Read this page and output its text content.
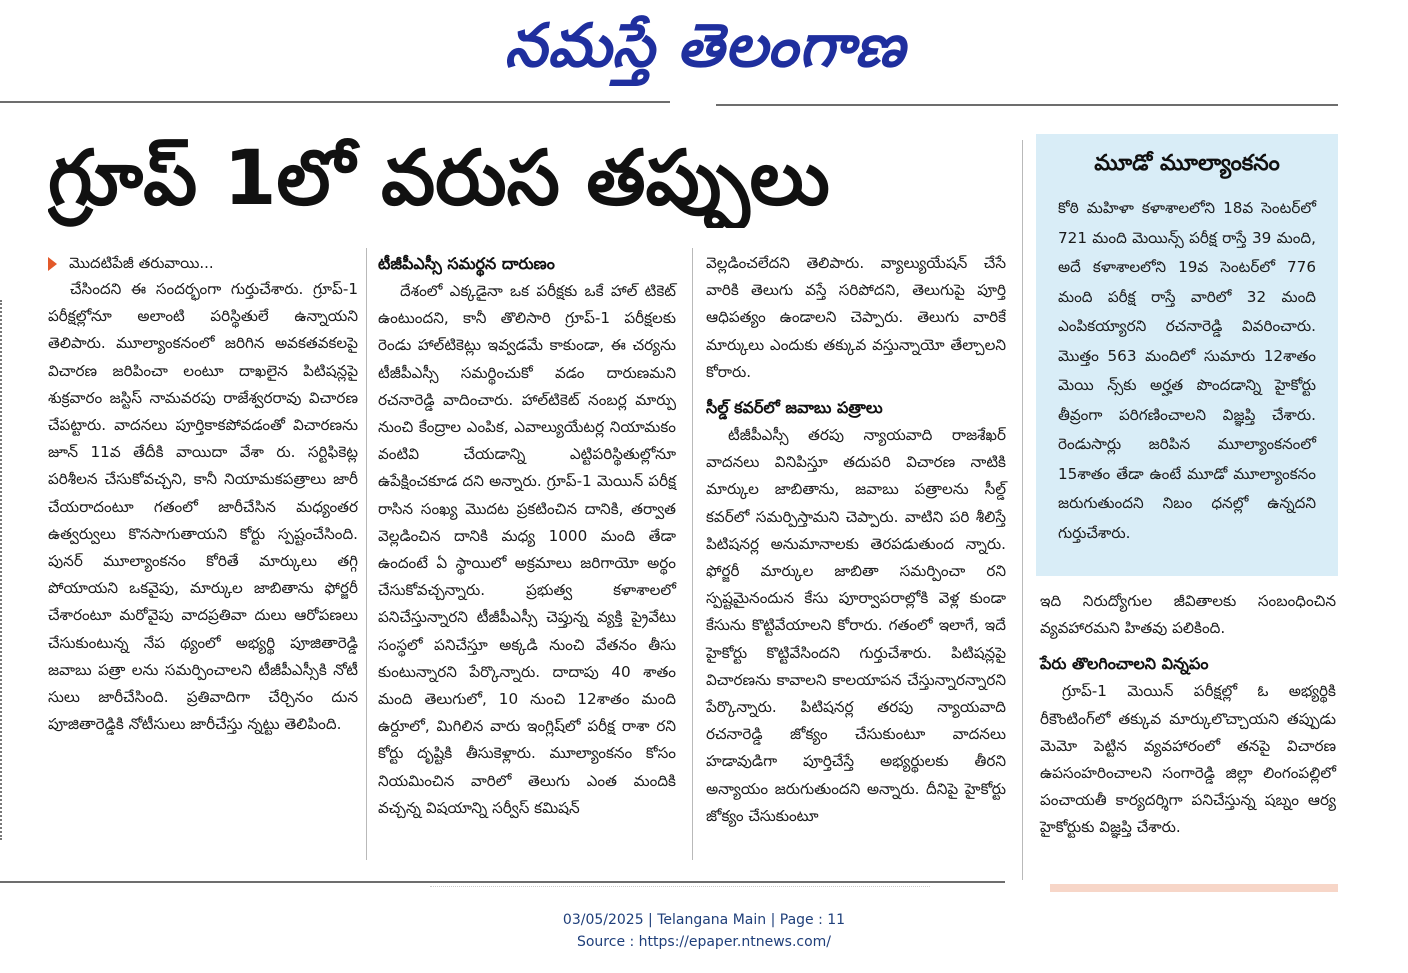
నమస్తే తెలంగాణ
గ్రూప్ 1లో వరుస తప్పులు

మొదటిపేజీ తరువాయి...

చేసిందని ఈ సందర్భంగా గుర్తుచేశారు. గ్రూప్-1 పరీక్షల్లోనూ అలాంటి పరిస్థితులే ఉన్నాయని తెలిపారు. మూల్యాంకనంలో జరిగిన అవకతవకలపై విచారణ జరిపించా లంటూ దాఖలైన పిటిషన్లపై శుక్రవారం జస్టిస్ నామవరపు రాజేశ్వరరావు విచారణ చేపట్టారు. వాదనలు పూర్తికాకపోవడంతో విచారణను జూన్ 11వ తేదీకి వాయిదా వేశా రు. సర్టిఫికెట్ల పరిశీలన చేసుకోవచ్చని, కానీ నియామకపత్రాలు జారీ చేయరాదంటూ గతంలో జారీచేసిన మధ్యంతర ఉత్వర్వులు కొనసాగుతాయని కోర్టు స్పష్టంచేసింది. పునర్ మూల్యాంకనం కోరితే మార్కులు తగ్గి పోయాయని ఒకవైపు, మార్కుల జాబితాను ఫోర్జరీ చేశారంటూ మరోవైపు వాదప్రతివా దులు ఆరోపణలు చేసుకుంటున్న నేప థ్యంలో అభ్యర్థి పూజితారెడ్డి జవాబు పత్రా లను సమర్పించాలని టీజీపీఎస్సీకి నోటీ సులు జారీచేసింది. ప్రతివాదిగా చేర్చినం దున పూజితారెడ్డికి నోటీసులు జారీచేస్తు న్నట్టు తెలిపింది.

టీజీపీఎస్సీ సమర్థన దారుణం

దేశంలో ఎక్కడైనా ఒక పరీక్షకు ఒకే హాల్ టికెట్ ఉంటుందని, కానీ తొలిసారి గ్రూప్-1 పరీక్షలకు రెండు హాల్‌టికెట్లు ఇవ్వడమే కాకుండా, ఈ చర్యను టీజీపీఎస్సీ సమర్థించుకో వడం దారుణమని రచనారెడ్డి వాదించారు. హాల్‌టికెట్ నంబర్ల మార్పు నుంచి కేంద్రాల ఎంపిక, ఎవాల్యుయేటర్ల నియామకం వంటివి చేయడాన్ని ఎట్టిపరిస్థితుల్లోనూ ఉపేక్షించకూడ దని అన్నారు. గ్రూప్-1 మెయిన్ పరీక్ష రాసిన సంఖ్య మొదట ప్రకటించిన దానికి, తర్వాత వెల్లడించిన దానికి మధ్య 1000 మంది తేడా ఉందంటే ఏ స్థాయిలో అక్రమాలు జరిగాయో అర్థం చేసుకోవచ్చన్నారు. ప్రభుత్వ కళాశాలలో పనిచేస్తున్నారని టీజీపీఎస్సీ చెప్తున్న వ్యక్తి ప్రైవేటు సంస్థలో పనిచేస్తూ అక్కడి నుంచి వేతనం తీసు కుంటున్నారని పేర్కొన్నారు. దాదాపు 40 శాతం మంది తెలుగులో, 10 నుంచి 12శాతం మంది ఉర్దూలో, మిగిలిన వారు ఇంగ్లిష్‌లో పరీక్ష రాశా రని కోర్టు దృష్టికి తీసుకెళ్లారు. మూల్యాంకనం కోసం నియమించిన వారిలో తెలుగు ఎంత మందికి వచ్చన్న విషయాన్ని సర్వీస్ కమిషన్

వెల్లడించలేదని తెలిపారు. వ్యాల్యుయేషన్ చేసే వారికి తెలుగు వస్తే సరిపోదని, తెలుగుపై పూర్తి ఆధిపత్యం ఉండాలని చెప్పారు. తెలుగు వారికే మార్కులు ఎందుకు తక్కువ వస్తున్నాయో తేల్చాలని కోరారు.

సీల్డ్ కవర్‌లో జవాబు పత్రాలు

టీజీపీఎస్సీ తరపు న్యాయవాది రాజశేఖర్ వాదనలు వినిపిస్తూ తదుపరి విచారణ నాటికి మార్కుల జాబితాను, జవాబు పత్రాలను సీల్డ్ కవర్‌లో సమర్పిస్తామని చెప్పారు. వాటిని పరి శీలిస్తే పిటిషనర్ల అనుమానాలకు తెరపడుతుంద న్నారు. ఫోర్జరీ మార్కుల జాబితా సమర్పించా రని స్పష్టమైనందున కేసు పూర్వాపరాల్లోకి వెళ్ల కుండా కేసును కొట్టివేయాలని కోరారు. గతంలో ఇలాగే, ఇదే హైకోర్టు కొట్టివేసిందని గుర్తుచేశారు. పిటిషన్లపై విచారణను కావాలని కాలయాపన చేస్తున్నారన్నారని పేర్కొన్నారు. పిటిషనర్ల తరపు న్యాయవాది రచనారెడ్డి జోక్యం చేసుకుంటూ వాదనలు హడావుడిగా పూర్తిచేస్తే అభ్యర్థులకు తీరని అన్యాయం జరుగుతుందని అన్నారు. దీనిపై హైకోర్టు జోక్యం చేసుకుంటూ

మూడో మూల్యాంకనం
కోఠి మహిళా కళాశాలలోని 18వ సెంటర్‌లో 721 మంది మెయిన్స్ పరీక్ష రాస్తే 39 మంది, అదే కళాశాలలోని 19వ సెంటర్‌లో 776 మంది పరీక్ష రాస్తే వారిలో 32 మంది ఎంపికయ్యారని రచనారెడ్డి వివరించారు. మొత్తం 563 మందిలో సుమారు 12శాతం మెయి న్స్‌కు అర్హత పొందడాన్ని హైకోర్టు తీవ్రంగా పరిగణించాలని విజ్ఞప్తి చేశారు. రెండుసార్లు జరిపిన మూల్యాంకనంలో 15శాతం తేడా ఉంటే మూడో మూల్యాంకనం జరుగుతుందని నిబం ధనల్లో ఉన్నదని గుర్తుచేశారు.

ఇది నిరుద్యోగుల జీవితాలకు సంబంధించిన వ్యవహారమని హితవు పలికింది.

పేరు తొలగించాలని విన్నపం

గ్రూప్-1 మెయిన్ పరీక్షల్లో ఓ అభ్యర్థికి రీకౌంటింగ్‌లో తక్కువ మార్కులొచ్చాయని తప్పుడు మెమో పెట్టిన వ్యవహారంలో తనపై విచారణ ఉపసంహరించాలని సంగారెడ్డి జిల్లా లింగంపల్లిలో పంచాయతీ కార్యదర్శిగా పనిచేస్తున్న షబ్నం ఆర్య హైకోర్టుకు విజ్ఞప్తి చేశారు.

03/05/2025 | Telangana Main | Page : 11
Source : https://epaper.ntnews.com/
